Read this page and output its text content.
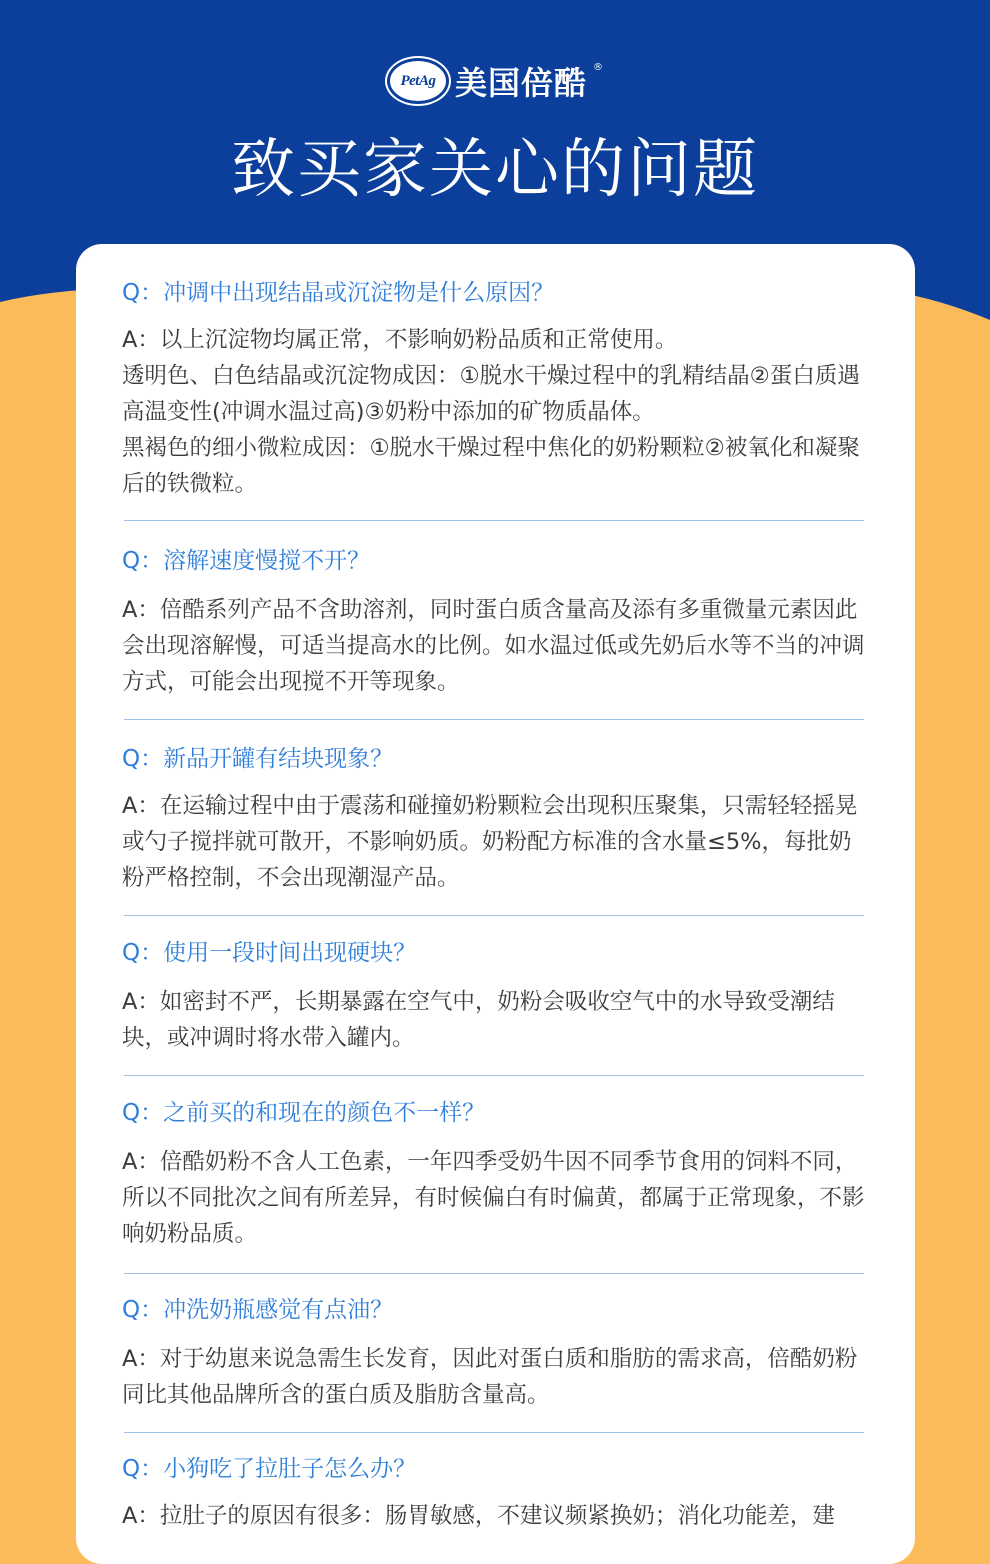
PetAg 美国倍酷 ®
致买家关心的问题
Q：冲调中出现结晶或沉淀物是什么原因？

A：以上沉淀物均属正常，不影响奶粉品质和正常使用。

透明色、白色结晶或沉淀物成因：①脱水干燥过程中的乳精结晶②蛋白质遇高温变性(冲调水温过高)③奶粉中添加的矿物质晶体。

黑褐色的细小微粒成因：①脱水干燥过程中焦化的奶粉颗粒②被氧化和凝聚后的铁微粒。

Q：溶解速度慢搅不开？

A：倍酷系列产品不含助溶剂，同时蛋白质含量高及添有多重微量元素因此会出现溶解慢，可适当提高水的比例。如水温过低或先奶后水等不当的冲调方式，可能会出现搅不开等现象。

Q：新品开罐有结块现象？

A：在运输过程中由于震荡和碰撞奶粉颗粒会出现积压聚集，只需轻轻摇晃或勺子搅拌就可散开，不影响奶质。奶粉配方标准的含水量≤5%，每批奶粉严格控制，不会出现潮湿产品。

Q：使用一段时间出现硬块？

A：如密封不严，长期暴露在空气中，奶粉会吸收空气中的水导致受潮结块，或冲调时将水带入罐内。

Q：之前买的和现在的颜色不一样？

A：倍酷奶粉不含人工色素，一年四季受奶牛因不同季节食用的饲料不同，所以不同批次之间有所差异，有时候偏白有时偏黄，都属于正常现象，不影响奶粉品质。

Q：冲洗奶瓶感觉有点油？

A：对于幼崽来说急需生长发育，因此对蛋白质和脂肪的需求高，倍酷奶粉同比其他品牌所含的蛋白质及脂肪含量高。

Q：小狗吃了拉肚子怎么办？

A：拉肚子的原因有很多：肠胃敏感，不建议频紧换奶；消化功能差，建
